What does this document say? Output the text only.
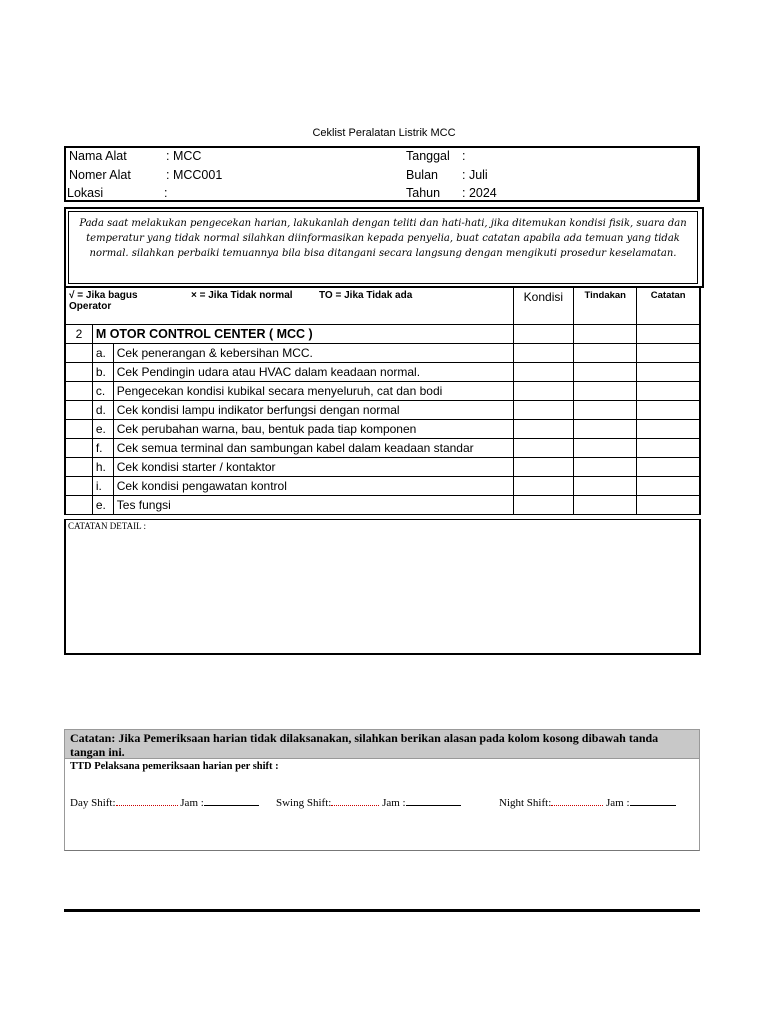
Ceklist Peralatan Listrik MCC
Nama Alat	: MCC
Nomer Alat	: MCC001
Lokasi	:
Tanggal :
Bulan : Juli
Tahun : 2024
Pada saat melakukan pengecekan harian, lakukanlah dengan teliti dan hati-hati, jika ditemukan kondisi fisik, suara dan temperatur yang tidak normal silahkan diinformasikan kepada penyelia, buat catatan apabila ada temuan yang tidak normal. silahkan perbaiki temuannya bila bisa ditangani secara langsung dengan mengikuti prosedur keselamatan.
√ = Jika bagus × = Jika Tidak normal TO = Jika Tidak ada
Operator			Kondisi	Tindakan	Catatan
2	M OTOR CONTROL CENTER ( MCC )				
	a.	Cek penerangan & kebersihan MCC.			
	b.	Cek Pendingin udara atau HVAC dalam keadaan normal.			
	c.	Pengecekan kondisi kubikal secara menyeluruh, cat dan bodi			
	d.	Cek kondisi lampu indikator berfungsi dengan normal			
	e.	Cek perubahan warna, bau, bentuk pada tiap komponen			
	f.	Cek semua terminal dan sambungan kabel dalam keadaan standar			
	h.	Cek kondisi starter / kontaktor			
	i.	Cek kondisi pengawatan kontrol			
	e.	Tes fungsi			
CATATAN DETAIL :
Catatan: Jika Pemeriksaan harian tidak dilaksanakan, silahkan berikan alasan pada kolom kosong dibawah tanda tangan ini.
TTD Pelaksana pemeriksaan harian per shift :
Day Shift:	Jam :	Swing Shift:	Jam :	Night Shift:	Jam :
